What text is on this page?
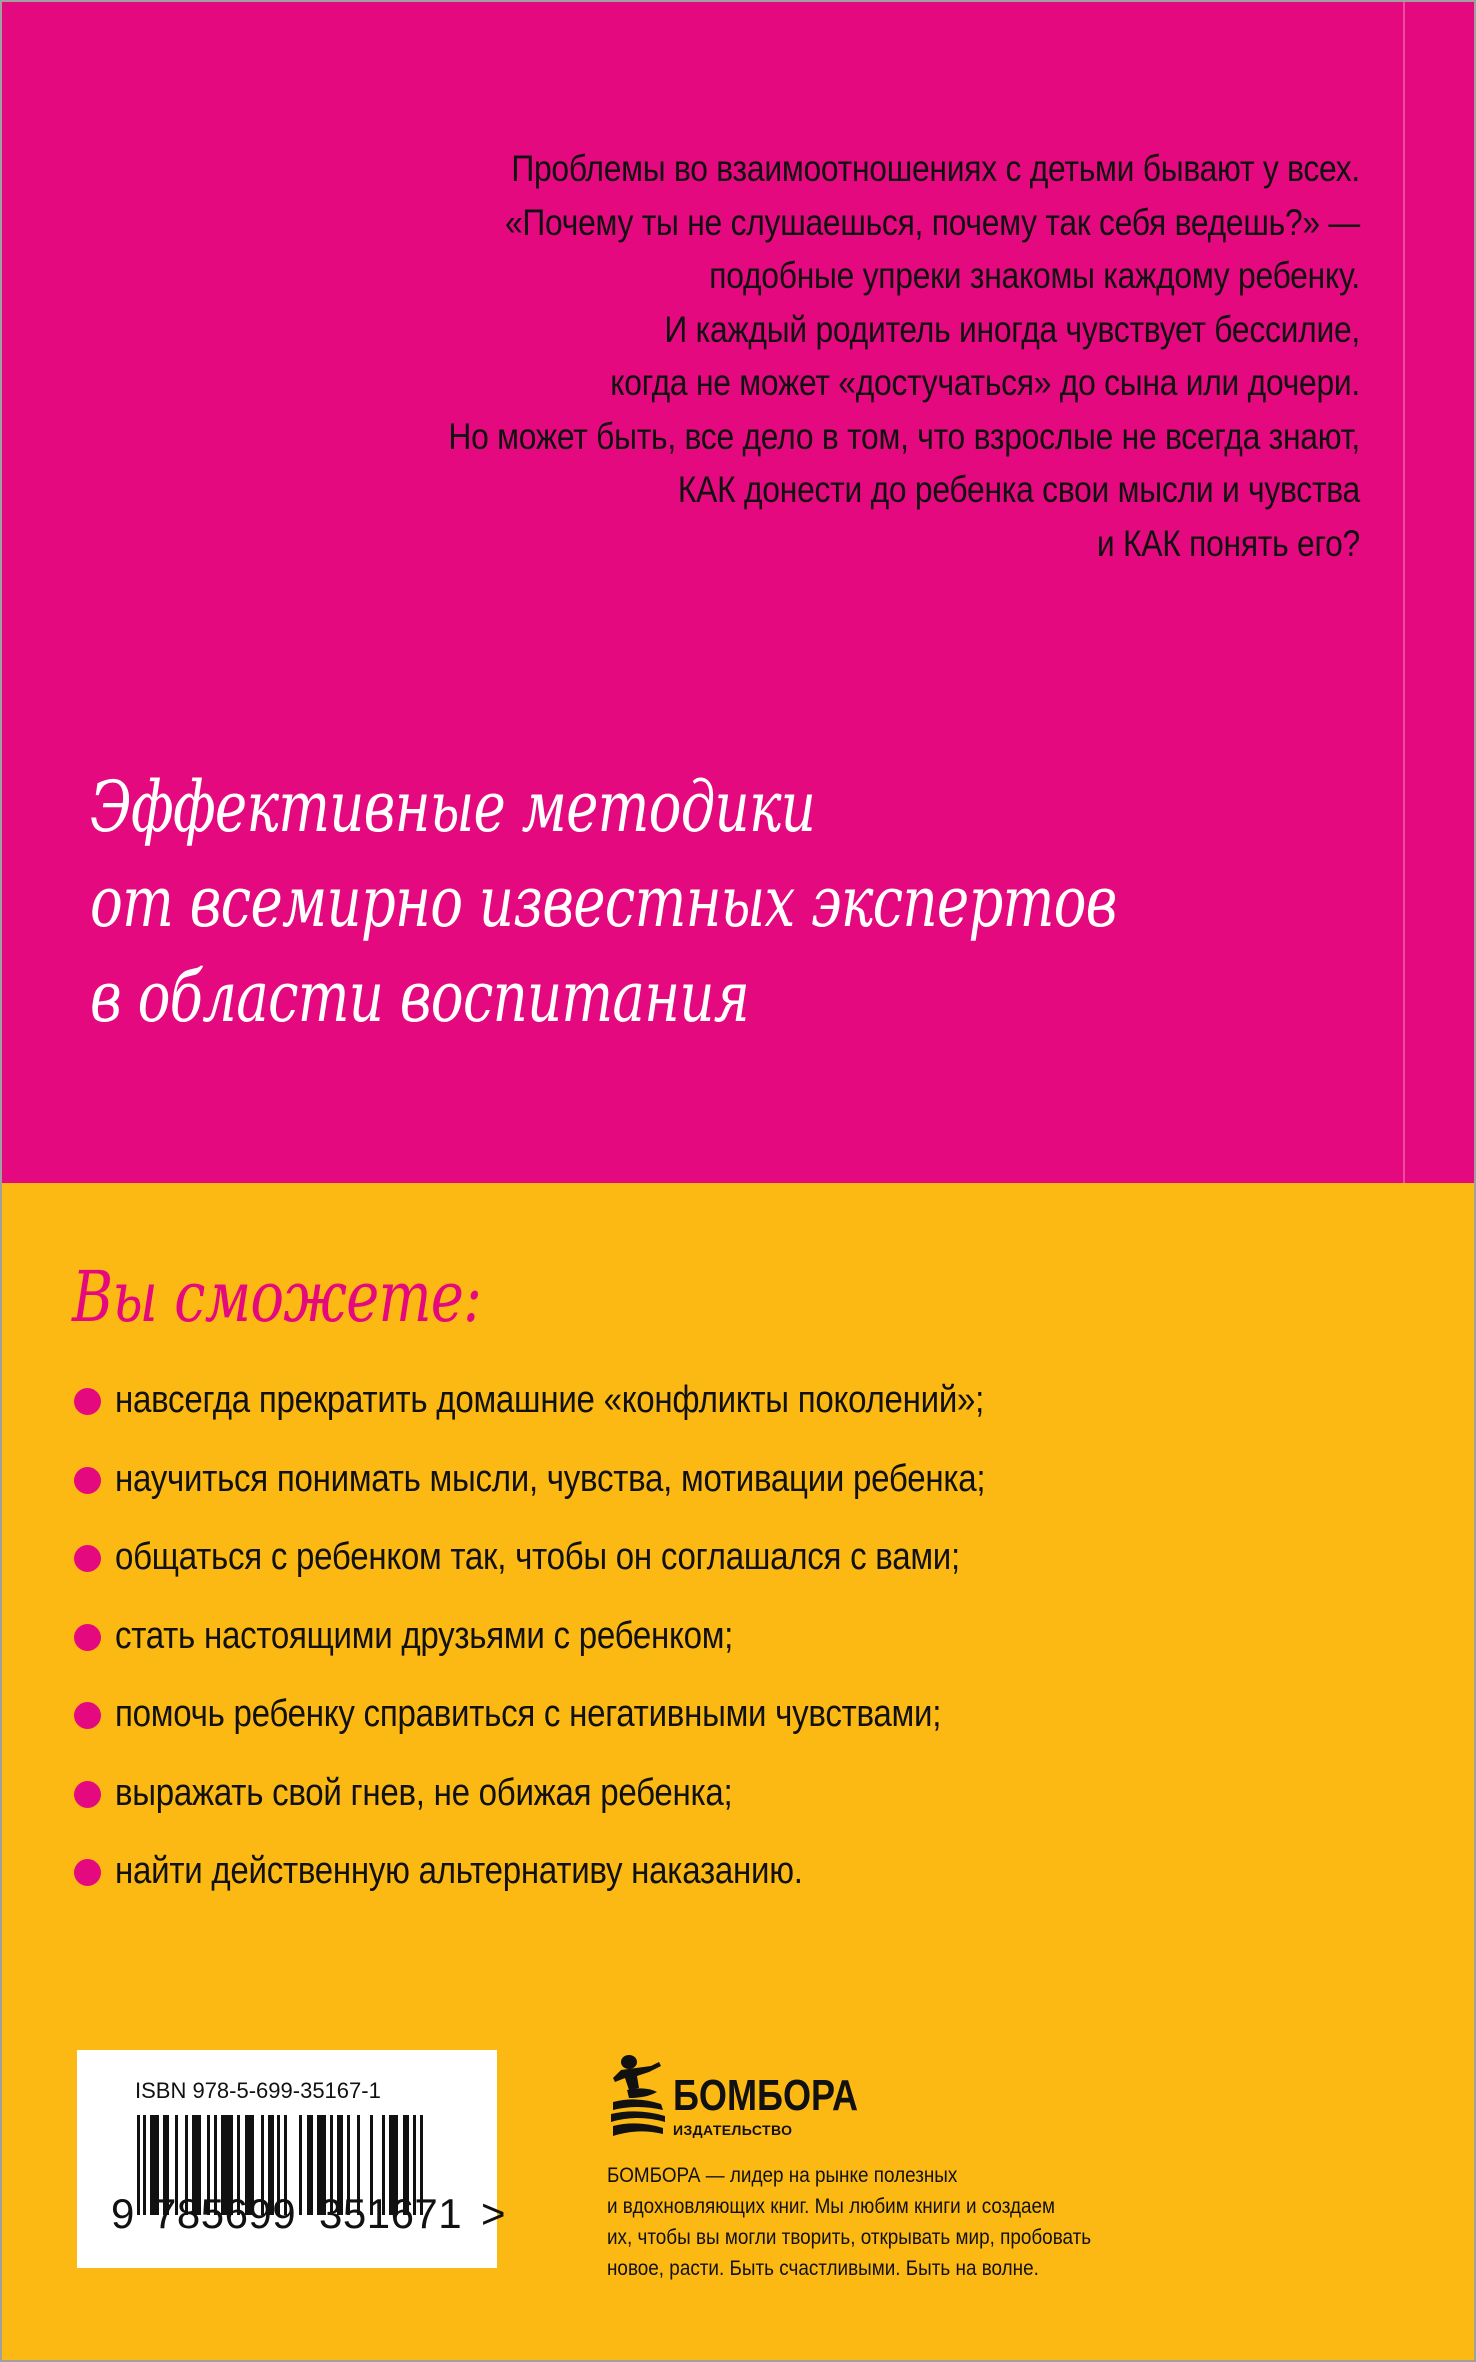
Проблемы во взаимоотношениях с детьми бывают у всех.
«Почему ты не слушаешься, почему так себя ведешь?» —
подобные упреки знакомы каждому ребенку.
И каждый родитель иногда чувствует бессилие,
когда не может «достучаться» до сына или дочери.
Но может быть, все дело в том, что взрослые не всегда знают,
КАК донести до ребенка свои мысли и чувства
и КАК понять его?
Эффективные методики
от всемирно известных экспертов
в области воспитания
Вы сможете:
навсегда прекратить домашние «конфликты поколений»;
научиться понимать мысли, чувства, мотивации ребенка;
общаться с ребенком так, чтобы он соглашался с вами;
стать настоящими друзьями с ребенком;
помочь ребенку справиться с негативными чувствами;
выражать свой гнев, не обижая ребенка;
найти действенную альтернативу наказанию.
ISBN 978-5-699-35167-1
9 785699 351671 >
БОМБОРА
ИЗДАТЕЛЬСТВО
БОМБОРА — лидер на рынке полезных
и вдохновляющих книг. Мы любим книги и создаем
их, чтобы вы могли творить, открывать мир, пробовать
новое, расти. Быть счастливыми. Быть на волне.
